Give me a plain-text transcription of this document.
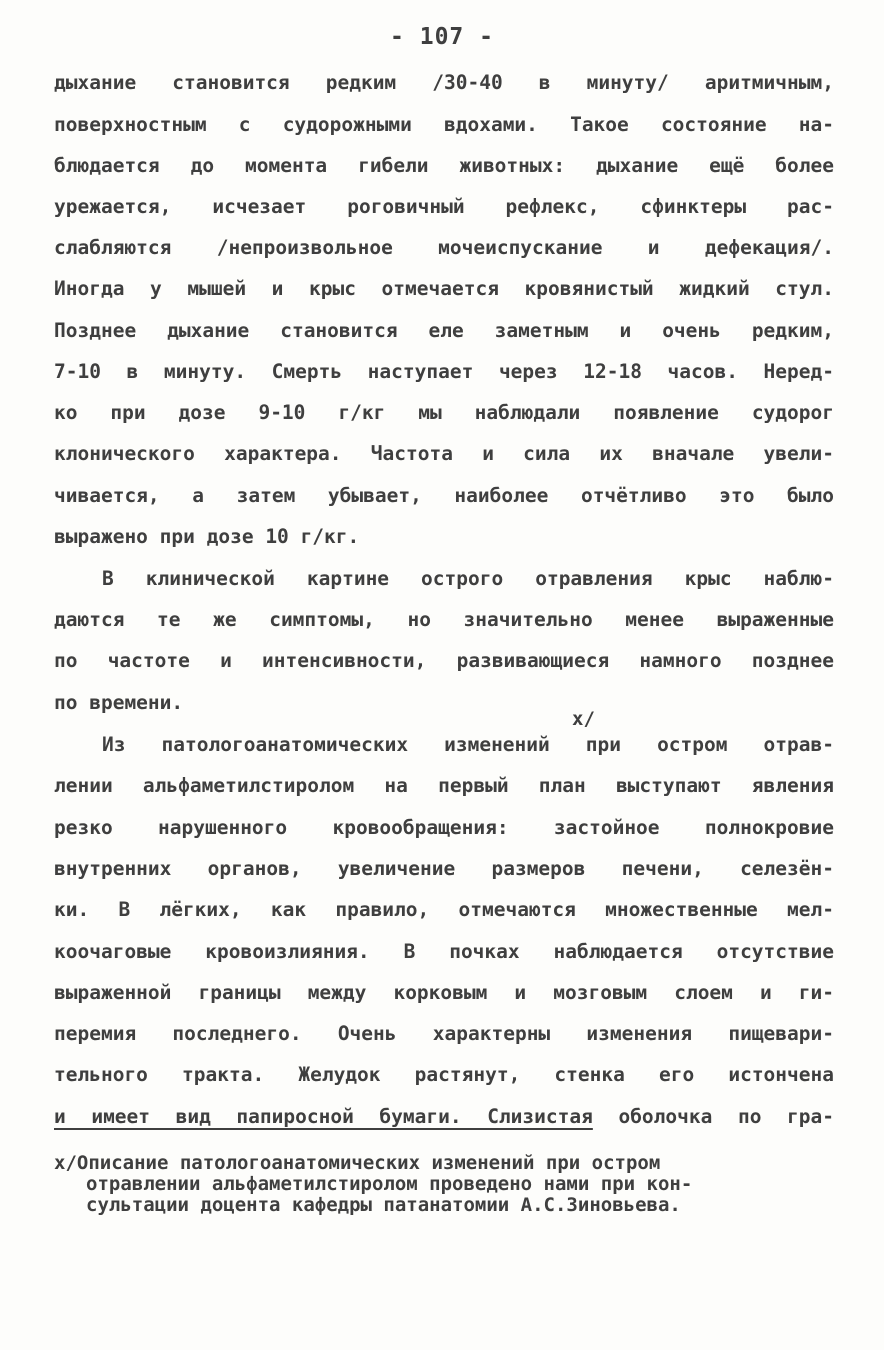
- 107 -
дыхание становится редким /30-40 в минуту/ аритмичным,
поверхностным с судорожными вдохами. Такое состояние на-
блюдается до момента гибели животных: дыхание ещё более
урежается, исчезает роговичный рефлекс, сфинктеры рас-
слабляются /непроизвольное мочеиспускание и дефекация/.
Иногда у мышей и крыс отмечается кровянистый жидкий стул.
Позднее дыхание становится еле заметным и очень редким,
7-10 в минуту. Смерть наступает через 12-18 часов. Неред-
ко при дозе 9-10 г/кг мы наблюдали появление судорог
клонического характера. Частота и сила их вначале увели-
чивается, а затем убывает, наиболее отчётливо это было
выражено при дозе 10 г/кг.
В клинической картине острого отравления крыс наблю-
даются те же симптомы, но значительно менее выраженные
по частоте и интенсивности, развивающиеся намного позднее
по времени.
x/
Из патологоанатомических изменений при остром отрав-
лении альфаметилстиролом на первый план выступают явления
резко нарушенного кровообращения: застойное полнокровие
внутренних органов, увеличение размеров печени, селезён-
ки. В лёгких, как правило, отмечаются множественные мел-
коочаговые кровоизлияния. В почках наблюдается отсутствие
выраженной границы между корковым и мозговым слоем и ги-
перемия последнего. Очень характерны изменения пищевари-
тельного тракта. Желудок растянут, стенка его истончена
и имеет вид папиросной бумаги. Слизистая оболочка по гра-
x/Описание патологоанатомических изменений при остром
отравлении альфаметилстиролом проведено нами при кон-
сультации доцента кафедры патанатомии А.С.Зиновьева.
